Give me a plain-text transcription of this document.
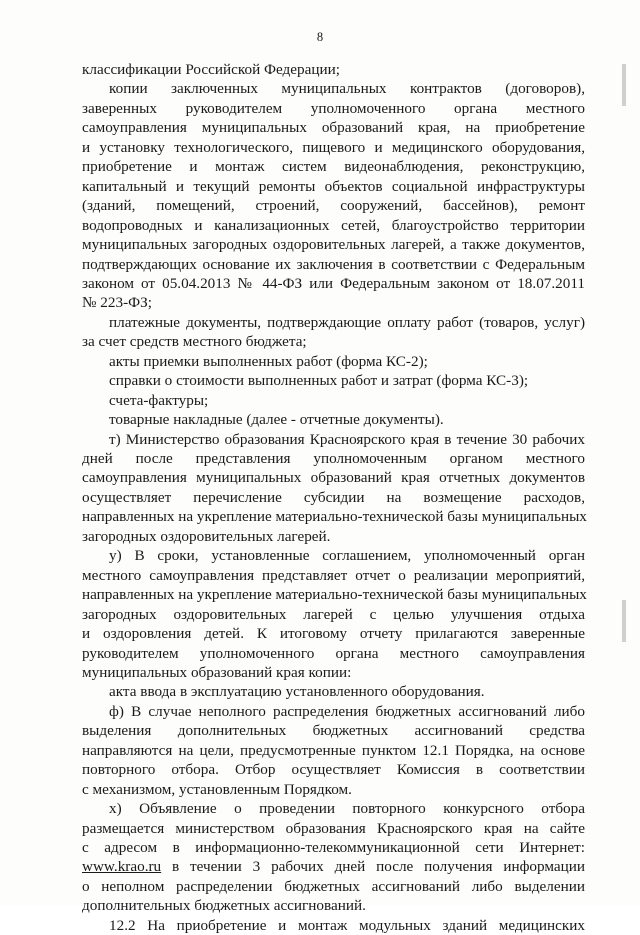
8
классификации Российской Федерации;
копии заключенных муниципальных контрактов (договоров),
заверенных руководителем уполномоченного органа местного
самоуправления муниципальных образований края, на приобретение
и установку технологического, пищевого и медицинского оборудования,
приобретение и монтаж систем видеонаблюдения, реконструкцию,
капитальный и текущий ремонты объектов социальной инфраструктуры
(зданий, помещений, строений, сооружений, бассейнов), ремонт
водопроводных и канализационных сетей, благоустройство территории
муниципальных загородных оздоровительных лагерей, а также документов,
подтверждающих основание их заключения в соответствии с Федеральным
законом от 05.04.2013 № 44-ФЗ или Федеральным законом от 18.07.2011
№ 223-ФЗ;
платежные документы, подтверждающие оплату работ (товаров, услуг)
за счет средств местного бюджета;
акты приемки выполненных работ (форма КС-2);
справки о стоимости выполненных работ и затрат (форма КС-3);
счета-фактуры;
товарные накладные (далее - отчетные документы).
т) Министерство образования Красноярского края в течение 30 рабочих
дней после представления уполномоченным органом местного
самоуправления муниципальных образований края отчетных документов
осуществляет перечисление субсидии на возмещение расходов,
направленных на укрепление материально-технической базы муниципальных
загородных оздоровительных лагерей.
у) В сроки, установленные соглашением, уполномоченный орган
местного самоуправления представляет отчет о реализации мероприятий,
направленных на укрепление материально-технической базы муниципальных
загородных оздоровительных лагерей с целью улучшения отдыха
и оздоровления детей. К итоговому отчету прилагаются заверенные
руководителем уполномоченного органа местного самоуправления
муниципальных образований края копии:
акта ввода в эксплуатацию установленного оборудования.
ф) В случае неполного распределения бюджетных ассигнований либо
выделения дополнительных бюджетных ассигнований средства
направляются на цели, предусмотренные пунктом 12.1 Порядка, на основе
повторного отбора. Отбор осуществляет Комиссия в соответствии
с механизмом, установленным Порядком.
х) Объявление о проведении повторного конкурсного отбора
размещается министерством образования Красноярского края на сайте
с адресом в информационно-телекоммуникационной сети Интернет:
www.krao.ru в течении 3 рабочих дней после получения информации
о неполном распределении бюджетных ассигнований либо выделении
дополнительных бюджетных ассигнований.
12.2 На приобретение и монтаж модульных зданий медицинских
